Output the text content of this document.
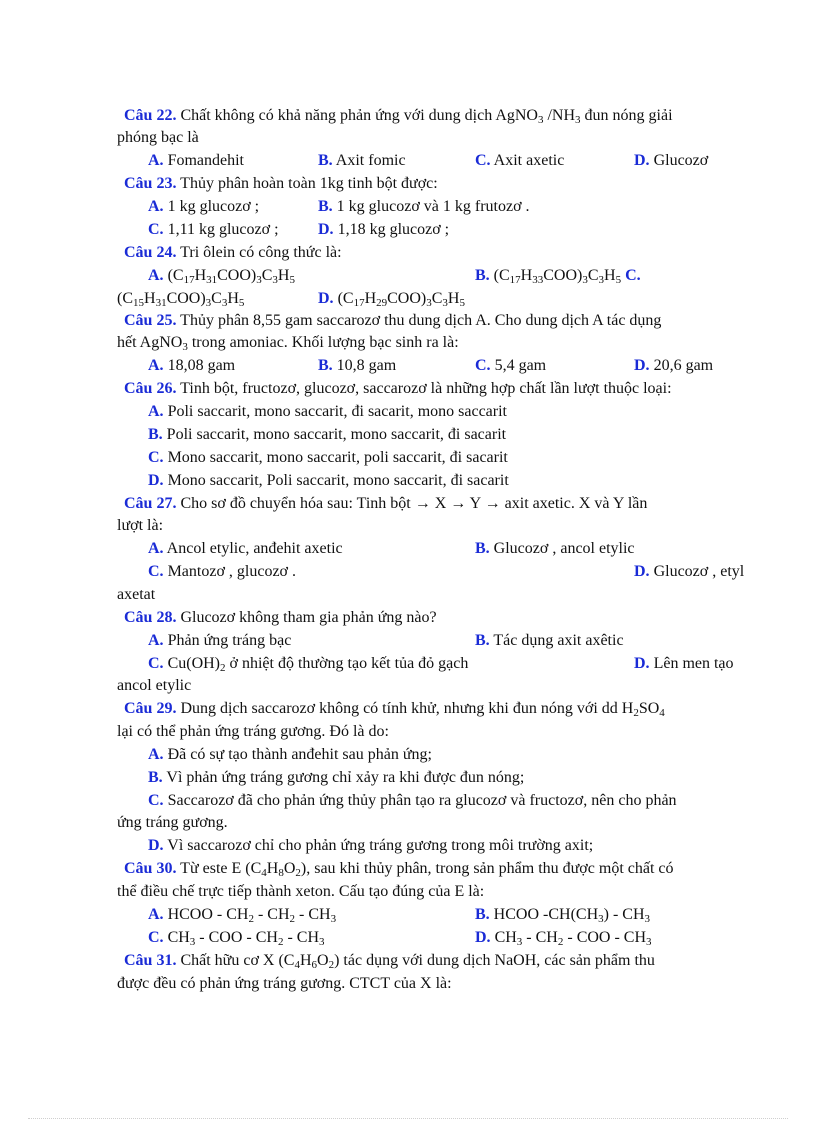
Câu 22. Chất không có khả năng phản ứng với dung dịch AgNO$_3$ $/NH_3$ đun nóng giải
phóng bạc là
A. Fomandehit	B. Axit fomic	C. Axit axetic	D. Glucozơ
Câu 23. Thủy phân hoàn toàn 1kg tinh bột được:
A. 1 kg glucozơ ;	B. 1 kg glucozơ và 1 kg frutozơ .
C. 1,11 kg glucozơ ; D. 1,18 kg glucozơ ;
Câu 24. Tri ôlein có công thức là:
A. $(C_{17}H_{31}COO)_3C_3H_5$	B. $(C_{17}H_{33}COO)_3C_3H_5$ C.
$(C_{15}H_{31}COO)_3C_3H_5$	D. $(C_{17}H_{29}COO)_3C_3H_5$
Câu 25. Thủy phân 8,55 gam saccarozơ thu dung dịch A. Cho dung dịch A tác dụng
hết AgNO$_3$ trong amoniac. Khối lượng bạc sinh ra là:
A. 18,08 gam	B. 10,8 gam	C. 5,4 gam	D. 20,6 gam
Câu 26. Tinh bột, fructozơ, glucozơ, saccarozơ là những hợp chất lần lượt thuộc loại:
A. Poli saccarit, mono saccarit, đi sacarit, mono saccarit
B. Poli saccarit, mono saccarit, mono saccarit, đi sacarit
C. Mono saccarit, mono saccarit, poli saccarit, đi sacarit
D. Mono saccarit, Poli saccarit, mono saccarit, đi sacarit
Câu 27. Cho sơ đồ chuyển hóa sau: Tinh bột → X → Y → axit axetic. X và Y lần
lượt là:
A. Ancol etylic, anđehit axetic	B. Glucozơ , ancol etylic
C. Mantozơ , glucozơ .	D. Glucozơ , etyl
axetat
Câu 28. Glucozơ không tham gia phản ứng nào?
A. Phản ứng tráng bạc	B. Tác dụng axit axêtic
C. $Cu(OH)_2$ ở nhiệt độ thường tạo kết tủa đỏ gạch	D. Lên men tạo
ancol etylic
Câu 29. Dung dịch saccarozơ không có tính khử, nhưng khi đun nóng với dd $H_2SO_4$
lại có thể phản ứng tráng gương. Đó là do:
A. Đã có sự tạo thành anđehit sau phản ứng;
B. Vì phản ứng tráng gương chỉ xảy ra khi được đun nóng;
C. Saccarozơ đã cho phản ứng thủy phân tạo ra glucozơ và fructozơ, nên cho phản
ứng tráng gương.
D. Vì saccarozơ chỉ cho phản ứng tráng gương trong môi trường axit;
Câu 30. Từ este E $(C_4H_8O_2)$, sau khi thủy phân, trong sản phẩm thu được một chất có
thể điều chế trực tiếp thành xeton. Cấu tạo đúng của E là:
A. HCOO - $CH_2 - CH_2 - CH_3$	B. HCOO $-CH(CH_3) - CH_3$
C. $CH_3$ - COO - $CH_2 - CH_3$	D. $CH_3 - CH_2$ - COO - $CH_3$
Câu 31. Chất hữu cơ X $(C_4H_6O_2)$ tác dụng với dung dịch NaOH, các sản phẩm thu
được đều có phản ứng tráng gương. CTCT của X là:
